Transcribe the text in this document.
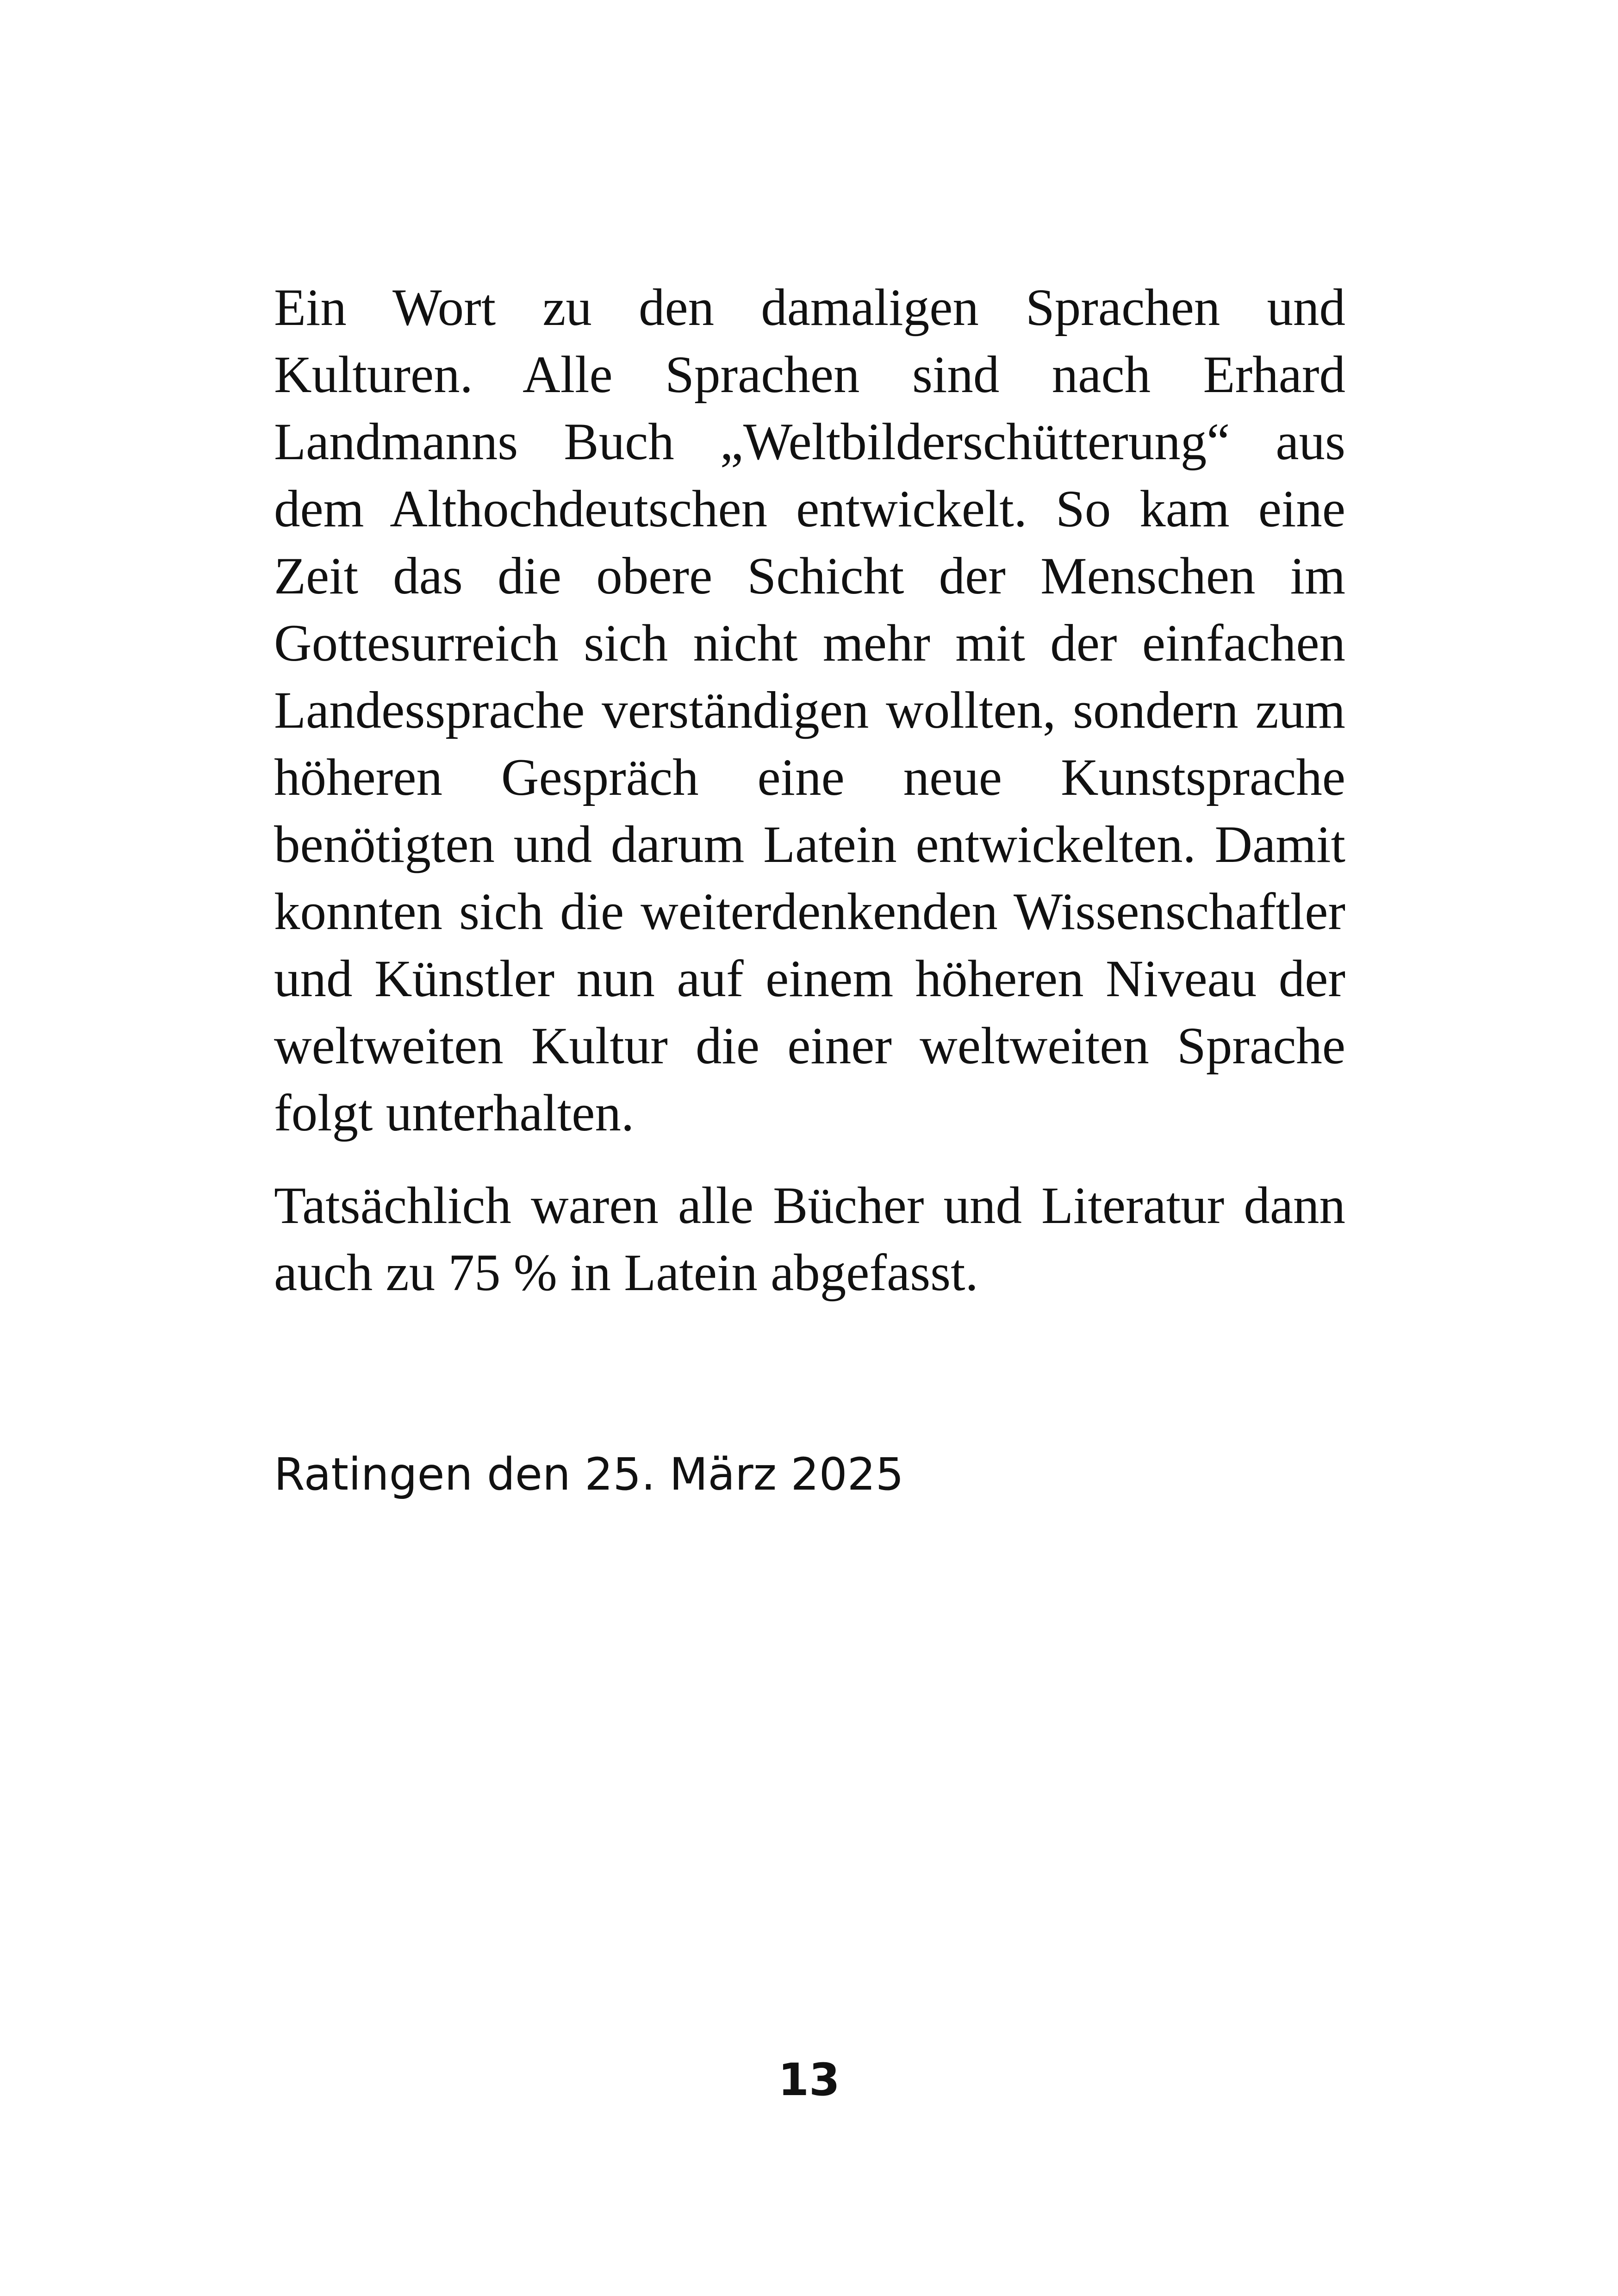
Ein Wort zu den damaligen Sprachen und Kulturen. Alle Sprachen sind nach Erhard Landmanns Buch „Weltbilderschütterung“ aus dem Althochdeutschen entwickelt. So kam eine Zeit das die obere Schicht der Menschen im Gottesurreich sich nicht mehr mit der einfachen Landessprache verständigen wollten, sondern zum höheren Gespräch eine neue Kunstsprache benötigten und darum Latein entwickelten. Damit konnten sich die weiterdenkenden Wissenschaftler und Künstler nun auf einem höheren Niveau der weltweiten Kultur die einer weltweiten Sprache folgt unterhalten.

Tatsächlich waren alle Bücher und Literatur dann auch zu 75 % in Latein abgefasst.

Ratingen den 25. März 2025
13
